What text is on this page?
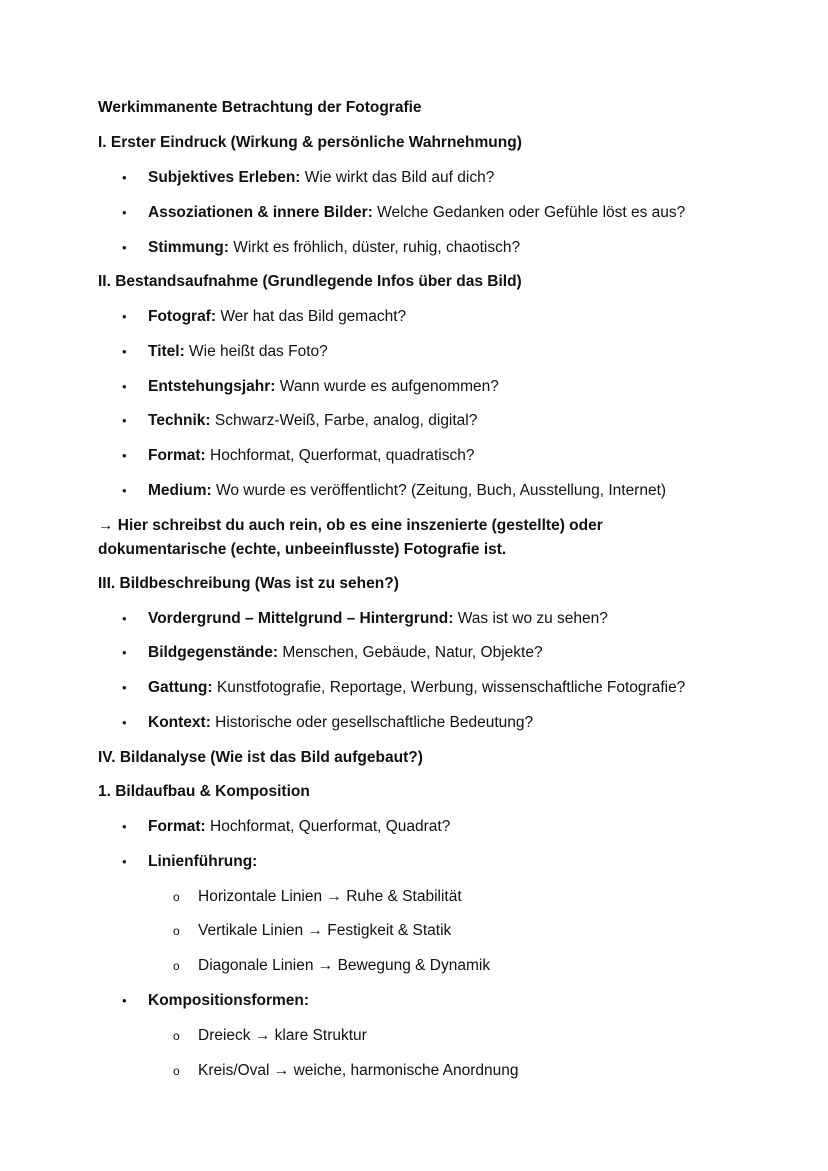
Werkimmanente Betrachtung der Fotografie
I. Erster Eindruck (Wirkung & persönliche Wahrnehmung)
• Subjektives Erleben: Wie wirkt das Bild auf dich?
• Assoziationen & innere Bilder: Welche Gedanken oder Gefühle löst es aus?
• Stimmung: Wirkt es fröhlich, düster, ruhig, chaotisch?
II. Bestandsaufnahme (Grundlegende Infos über das Bild)
• Fotograf: Wer hat das Bild gemacht?
• Titel: Wie heißt das Foto?
• Entstehungsjahr: Wann wurde es aufgenommen?
• Technik: Schwarz-Weiß, Farbe, analog, digital?
• Format: Hochformat, Querformat, quadratisch?
• Medium: Wo wurde es veröffentlicht? (Zeitung, Buch, Ausstellung, Internet)
→ Hier schreibst du auch rein, ob es eine inszenierte (gestellte) oder
dokumentarische (echte, unbeeinflusste) Fotografie ist.
III. Bildbeschreibung (Was ist zu sehen?)
• Vordergrund – Mittelgrund – Hintergrund: Was ist wo zu sehen?
• Bildgegenstände: Menschen, Gebäude, Natur, Objekte?
• Gattung: Kunstfotografie, Reportage, Werbung, wissenschaftliche Fotografie?
• Kontext: Historische oder gesellschaftliche Bedeutung?
IV. Bildanalyse (Wie ist das Bild aufgebaut?)
1. Bildaufbau & Komposition
• Format: Hochformat, Querformat, Quadrat?
• Linienführung:
o Horizontale Linien → Ruhe & Stabilität
o Vertikale Linien → Festigkeit & Statik
o Diagonale Linien → Bewegung & Dynamik
• Kompositionsformen:
o Dreieck → klare Struktur
o Kreis/Oval → weiche, harmonische Anordnung
